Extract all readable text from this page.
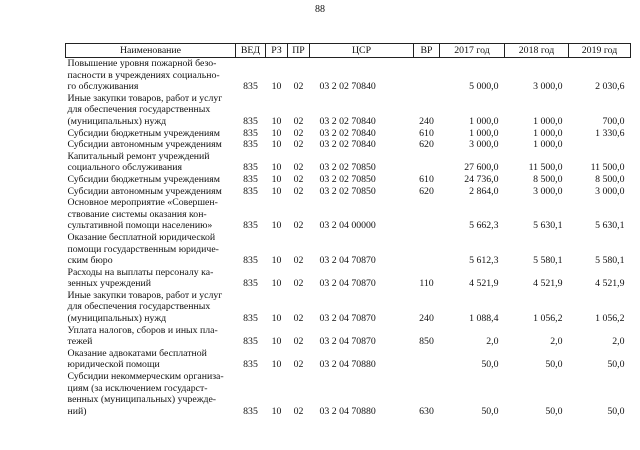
88
Наименование	ВЕД	РЗ	ПР	ЦСР	ВР	2017 год	2018 год	2019 год
Повышение уровня пожарной безо-
пасности в учреждениях социально-
го обслуживания	835	10	02	03 2 02 70840		5 000,0	3 000,0	2 030,6
Иные закупки товаров, работ и услуг
для обеспечения государственных
(муниципальных) нужд	835	10	02	03 2 02 70840	240	1 000,0	1 000,0	700,0
Субсидии бюджетным учреждениям	835	10	02	03 2 02 70840	610	1 000,0	1 000,0	1 330,6
Субсидии автономным учреждениям	835	10	02	03 2 02 70840	620	3 000,0	1 000,0	
Капитальный ремонт учреждений
социального обслуживания	835	10	02	03 2 02 70850		27 600,0	11 500,0	11 500,0
Субсидии бюджетным учреждениям	835	10	02	03 2 02 70850	610	24 736,0	8 500,0	8 500,0
Субсидии автономным учреждениям	835	10	02	03 2 02 70850	620	2 864,0	3 000,0	3 000,0
Основное мероприятие «Совершен-
ствование системы оказания кон-
сультативной помощи населению»	835	10	02	03 2 04 00000		5 662,3	5 630,1	5 630,1
Оказание бесплатной юридической
помощи государственным юридиче-
ским бюро	835	10	02	03 2 04 70870		5 612,3	5 580,1	5 580,1
Расходы на выплаты персоналу ка-
зенных учреждений	835	10	02	03 2 04 70870	110	4 521,9	4 521,9	4 521,9
Иные закупки товаров, работ и услуг
для обеспечения государственных
(муниципальных) нужд	835	10	02	03 2 04 70870	240	1 088,4	1 056,2	1 056,2
Уплата налогов, сборов и иных пла-
тежей	835	10	02	03 2 04 70870	850	2,0	2,0	2,0
Оказание адвокатами бесплатной
юридической помощи	835	10	02	03 2 04 70880		50,0	50,0	50,0
Субсидии некоммерческим организа-
циям (за исключением государст-
венных (муниципальных) учрежде-
ний)	835	10	02	03 2 04 70880	630	50,0	50,0	50,0
